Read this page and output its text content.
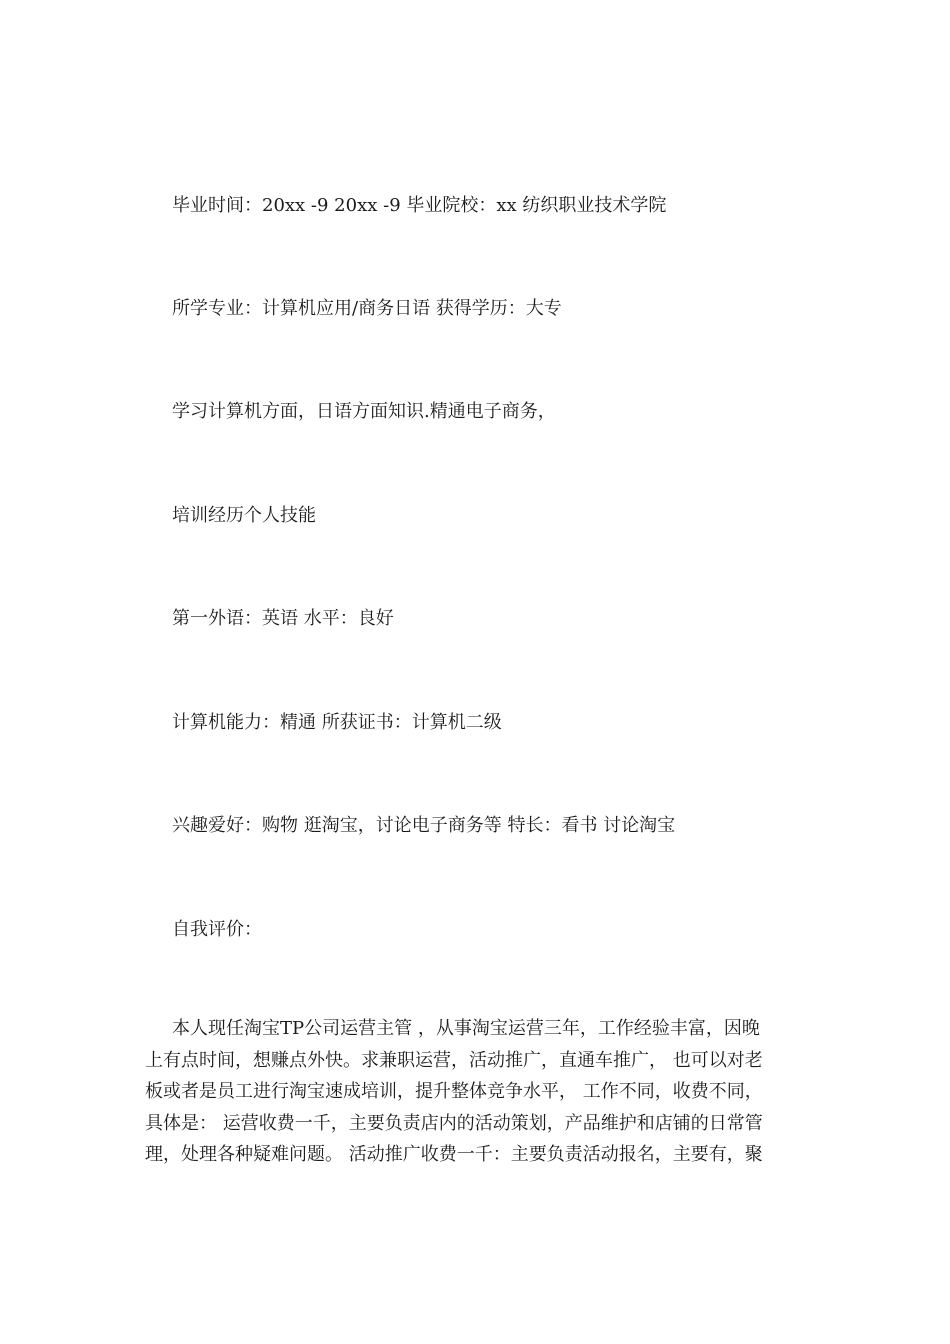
毕业时间：20xx -9 20xx -9 毕业院校：xx 纺织职业技术学院

所学专业：计算机应用/商务日语 获得学历：大专

学习计算机方面，日语方面知识.精通电子商务，

培训经历个人技能

第一外语：英语 水平：良好

计算机能力：精通 所获证书：计算机二级

兴趣爱好：购物 逛淘宝，讨论电子商务等 特长：看书 讨论淘宝

自我评价：

本人现任淘宝TP公司运营主管 ，从事淘宝运营三年，工作经验丰富，因晚
上有点时间，想赚点外快。求兼职运营，活动推广，直通车推广， 也可以对老
板或者是员工进行淘宝速成培训，提升整体竞争水平， 工作不同，收费不同，
具体是： 运营收费一千，主要负责店内的活动策划，产品维护和店铺的日常管
理，处理各种疑难问题。 活动推广收费一千：主要负责活动报名，主要有，聚
